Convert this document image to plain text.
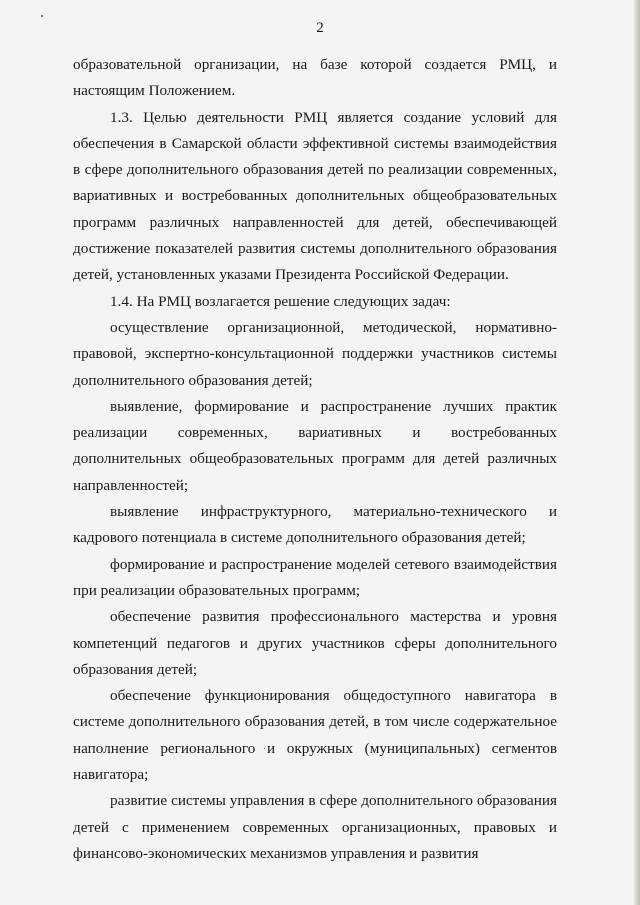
2

образовательной организации, на базе которой создается РМЦ, и настоящим Положением.

1.3. Целью деятельности РМЦ является создание условий для обеспечения в Самарской области эффективной системы взаимодействия в сфере дополнительного образования детей по реализации современных, вариативных и востребованных дополнительных общеобразовательных программ различных направленностей для детей, обеспечивающей достижение показателей развития системы дополнительного образования детей, установленных указами Президента Российской Федерации.

1.4. На РМЦ возлагается решение следующих задач:

осуществление организационной, методической, нормативно-правовой, экспертно-консультационной поддержки участников системы дополнительного образования детей;

выявление, формирование и распространение лучших практик реализации современных, вариативных и востребованных дополнительных общеобразовательных программ для детей различных направленностей;

выявление инфраструктурного, материально-технического и кадрового потенциала в системе дополнительного образования детей;

формирование и распространение моделей сетевого взаимодействия при реализации образовательных программ;

обеспечение развития профессионального мастерства и уровня компетенций педагогов и других участников сферы дополнительного образования детей;

обеспечение функционирования общедоступного навигатора в системе дополнительного образования детей, в том числе содержательное наполнение регионального и окружных (муниципальных) сегментов навигатора;

развитие системы управления в сфере дополнительного образования детей с применением современных организационных, правовых и финансово-экономических механизмов управления и развития
